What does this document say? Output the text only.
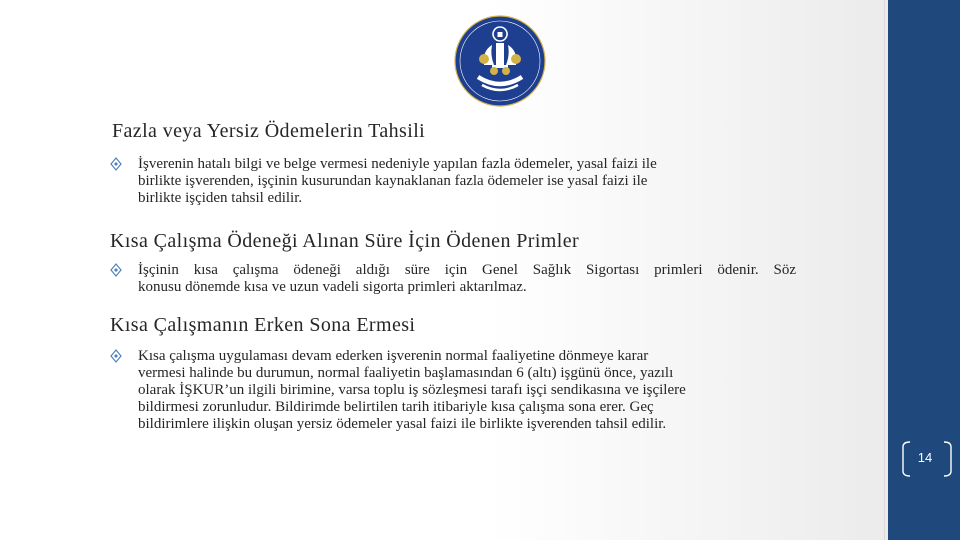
Fazla veya Yersiz Ödemelerin Tahsili
İşverenin hatalı bilgi ve belge vermesi nedeniyle yapılan fazla ödemeler, yasal faizi ile
birlikte işverenden, işçinin kusurundan kaynaklanan fazla ödemeler ise yasal faizi ile
birlikte işçiden tahsil edilir.
Kısa Çalışma Ödeneği Alınan Süre İçin Ödenen Primler
İşçinin kısa çalışma ödeneği aldığı süre için Genel Sağlık Sigortası primleri ödenir. Söz
konusu dönemde kısa ve uzun vadeli sigorta primleri aktarılmaz.
Kısa Çalışmanın Erken Sona Ermesi
Kısa çalışma uygulaması devam ederken işverenin normal faaliyetine dönmeye karar
vermesi halinde bu durumun, normal faaliyetin başlamasından 6 (altı) işgünü önce, yazılı
olarak İŞKUR’un ilgili birimine, varsa toplu iş sözleşmesi tarafı işçi sendikasına ve işçilere
bildirmesi zorunludur. Bildirimde belirtilen tarih itibariyle kısa çalışma sona erer. Geç
bildirimlere ilişkin oluşan yersiz ödemeler yasal faizi ile birlikte işverenden tahsil edilir.
14
